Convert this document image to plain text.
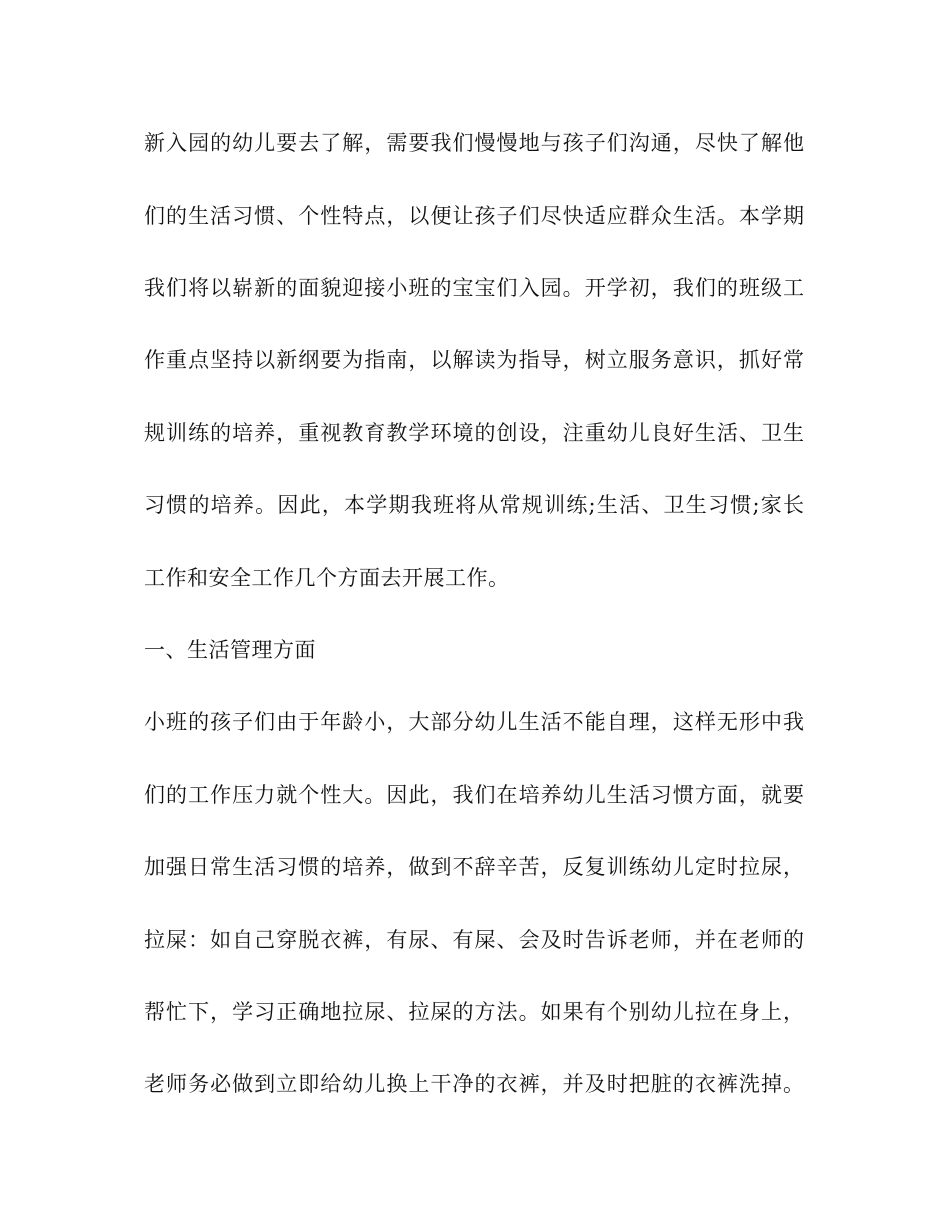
新入园的幼儿要去了解，需要我们慢慢地与孩子们沟通，尽快了解他
们的生活习惯、个性特点，以便让孩子们尽快适应群众生活。本学期
我们将以崭新的面貌迎接小班的宝宝们入园。开学初，我们的班级工
作重点坚持以新纲要为指南，以解读为指导，树立服务意识，抓好常
规训练的培养，重视教育教学环境的创设，注重幼儿良好生活、卫生
习惯的培养。因此，本学期我班将从常规训练;生活、卫生习惯;家长
工作和安全工作几个方面去开展工作。
一、生活管理方面
小班的孩子们由于年龄小，大部分幼儿生活不能自理，这样无形中我
们的工作压力就个性大。因此，我们在培养幼儿生活习惯方面，就要
加强日常生活习惯的培养，做到不辞辛苦，反复训练幼儿定时拉尿，
拉屎：如自己穿脱衣裤，有尿、有屎、会及时告诉老师，并在老师的
帮忙下，学习正确地拉尿、拉屎的方法。如果有个别幼儿拉在身上，
老师务必做到立即给幼儿换上干净的衣裤，并及时把脏的衣裤洗掉。
